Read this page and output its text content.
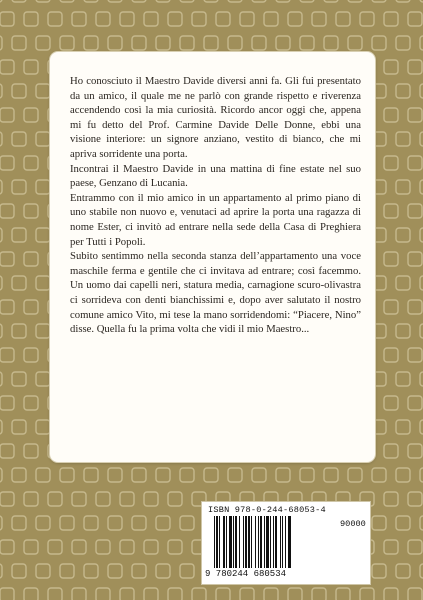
Ho conosciuto il Maestro Davide diversi anni fa. Gli fui presentato da un amico, il quale me ne parlò con grande rispetto e riverenza accendendo così la mia curiosità. Ricordo ancor oggi che, appena mi fu detto del Prof. Carmine Davide Delle Donne, ebbi una visione interiore: un signore anziano, vestito di bianco, che mi apriva sorridente una porta.

Incontrai il Maestro Davide in una mattina di fine estate nel suo paese, Genzano di Lucania.

Entrammo con il mio amico in un appartamento al primo piano di uno stabile non nuovo e, venutaci ad aprire la porta una ragazza di nome Ester, ci invitò ad entrare nella sede della Casa di Preghiera per Tutti i Popoli.

Subito sentimmo nella seconda stanza dell’appartamento una voce maschile ferma e gentile che ci invitava ad entrare; così facemmo. Un uomo dai capelli neri, statura media, carnagione scuro-olivastra ci sorrideva con denti bianchissimi e, dopo aver salutato il nostro comune amico Vito, mi tese la mano sorridendomi: “Piacere, Nino” disse. Quella fu la prima volta che vidi il mio Maestro...

ISBN 978-0-244-68053-4
90000
9 780244 680534
